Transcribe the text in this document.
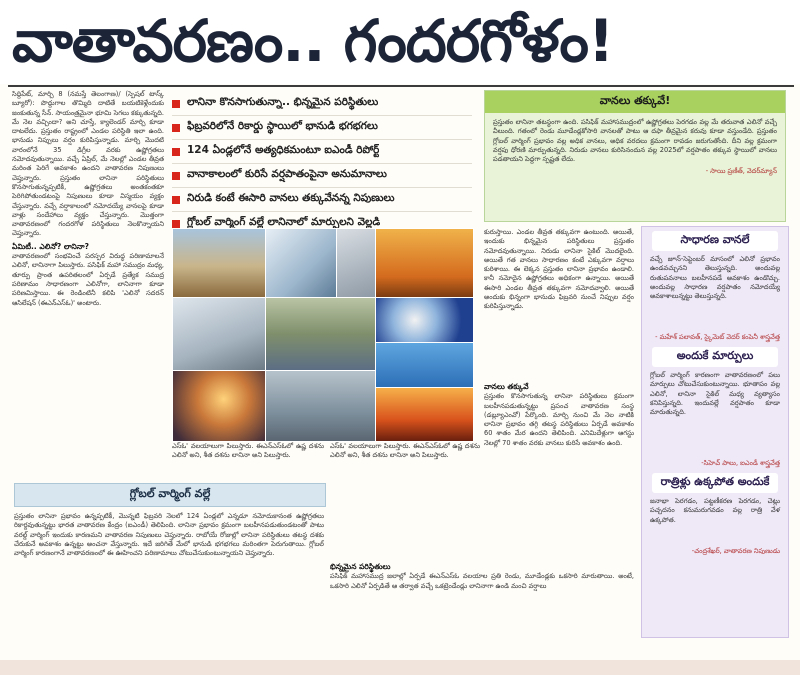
వాతావరణం.. గందరగోళం!

సిద్దిపేట్, మార్చి 8 (నమస్తే తెలంగాణ)/ (స్పెషల్ టాస్క్ బ్యూరో): పొద్దుగాల తొమ్మిది దాటితే బయటికెళ్లేందుకు జంకుతున్న సీన్. సాయంత్రమైనా భూమి సెగలు కక్కుతున్నది. మే నెల వచ్చిందా? అని చూస్తే, క్యాలెండర్ మార్చి కూడా దాటలేదు. ప్రస్తుతం రాష్ట్రంలో ఎండల పరిస్థితి ఇలా ఉంది. భానుడు నిప్పులు వర్షం కురిపిస్తున్నాడు. మార్చి మొదటి వారంలోనే 35 డిగ్రీల వరకు ఉష్ణోగ్రతలు నమోదవుతున్నాయి. వచ్చే ఏప్రిల్, మే నెలల్లో ఎండల తీవ్రత మరింత పెరిగే అవకాశం ఉందని వాతావరణ నిపుణులు చెప్తున్నారు. ప్రస్తుతం లానినా పరిస్థితులు కొనసాగుతున్నప్పటికీ, ఉష్ణోగ్రతలు అంతకంతకూ పెరిగిపోతుండటంపై నిపుణులు కూడా విస్మయం వ్యక్తం చేస్తున్నారు. వచ్చే వర్షాకాలంలో నమోదయ్యే వానలపై కూడా వాళ్లు సందేహాలు వ్యక్తం చేస్తున్నారు. మొత్తంగా వాతావరణంలో గందరగోళ పరిస్థితులు నెలకొన్నాయని చెప్తున్నారు.

ఏమిటీ.. ఎలినో? లానినా?

వాతావరణంలో సంభవించే పరస్పర విరుద్ధ పరిణామాలనే ఎలినో, లానినాగా పిలుస్తారు. పసిఫిక్ మహా సముద్రం మధ్య, తూర్పు ప్రాంత ఉపరితలంలో ఏర్పడే ప్రత్యేక సముద్ర పరిణామం సాధారణంగా ఎలినోగా, లానినాగా కూడా పరిణమిస్తాయి. ఈ రెండింటినీ కలిపి 'ఎలినో సదరన్ ఆసిలేషన్ (ఈఎన్ఎస్ఓ)' అంటారు.

లానినా కొనసాగుతున్నా.. భిన్నమైన పరిస్థితులు
ఫిబ్రవరిలోనే రికార్డు స్థాయిలో భానుడి భగభగలు
124 ఏండ్లలోనే అత్యధికమంటూ ఐఎండీ రిపోర్ట్
వానాకాలంలో కురిసే వర్షపాతంపైనా అనుమానాలు
నిరుడి కంటే ఈసారి వానలు తక్కువేనన్న నిపుణులు
గ్లోబల్ వార్మింగ్ వల్లే లానినాలో మార్పులని వెల్లడి

ఎస్ఓ' వలయాలుగా పిలుస్తారు. ఈఎన్ఎస్ఓలో ఉష్ణ దశను ఎలినో అని, శీత దశను లానినా అని పిలుస్తారు.

గ్లోబల్ వార్మింగ్ వల్లే

ప్రస్తుతం లానినా ప్రభావం ఉన్నప్పటికీ, మొన్నటి ఫిబ్రవరి నెలలో 124 ఏండ్లలో ఎన్నడూ నమోదుకానంత ఉష్ణోగ్రతలు రికార్డవుతున్నట్టు భారత వాతావరణ కేంద్రం (ఐఎండీ) తెలిపింది. లానినా ప్రభావం క్రమంగా బలహీనపడుతుండటంతో పాటు వరల్డ్ వార్మింగ్ ఇందుకు కారణమని వాతావరణ నిపుణులు చెప్తున్నారు. రాబోయే రోజుల్లో లానినా పరిస్థితులు తటస్థ దశకు చేరుకునే అవకాశం ఉన్నట్టు అంచనా వేస్తున్నారు. ఇదే జరిగితే మేలో భానుడి భగభగలు మరింతగా పెరుగుతాయి. గ్లోబల్ వార్మింగ్ కారణంగానే వాతావరణంలో ఈ ఊహించని పరిణామాలు చోటుచేసుకుంటున్నాయని చెప్తున్నారు.

కురుస్తాయి. ఎండల తీవ్రత తక్కువగా ఉంటుంది. అయితే, ఇందుకు భిన్నమైన పరిస్థితులు ప్రస్తుతం నమోదవుతున్నాయి. నిరుడు లానినా సైకిల్ మొదలైంది. అయితే గత వానలు సాధారణం కంటే ఎక్కువగా వర్షాలు కురిశాయి. ఈ లెక్కన ప్రస్తుతం లానినా ప్రభావం ఉండాలి. కానీ నమోదైన ఉష్ణోగ్రతలు అధికంగా ఉన్నాయి. అయితే ఈసారి ఎండల తీవ్రత తక్కువగా నమోదవ్వాలి. అయితే అందుకు భిన్నంగా భానుడు ఫిబ్రవరి నుంచే నిప్పుల వర్షం కురిపిస్తున్నాడు.

ఎస్ఓ' వలయాలుగా పిలుస్తారు. ఈఎన్ఎస్ఓలో ఉష్ణ దశను ఎలినో అని, శీత దశను లానినా అని పిలుస్తారు.

వానలు తక్కువే

ప్రస్తుతం కొనసాగుతున్న లానినా పరిస్థితులు క్రమంగా బలహీనపడుతున్నట్టు ప్రపంచ వాతావరణ సంస్థ (డబ్ల్యూఎంవో) పేర్కొంది. మార్చి నుంచి మే నెల నాటికి లానినా ప్రభావం తగ్గి తటస్థ పరిస్థితులు ఏర్పడే అవకాశం 60 శాతం మేర ఉందని తెలిపింది. ఎనిమిదేళ్లుగా ఆగస్టు నెలల్లో 70 శాతం వరకు వానలు కురిసే అవకాశం ఉంది.

భిన్నమైన పరిస్థితులు

పసిఫిక్ మహాసముద్ర జలాల్లో ఏర్పడే ఈఎన్ఎస్ఓ వలయాల ప్రతి రెండు, మూడేండ్లకు ఒకసారి మారుతాయి. అంటే, ఒకసారి ఎలినో ఏర్పడితే ఆ తర్వాత వచ్చే ఒకట్రెండేండ్లు లానినాగా ఉండి మంచి వర్షాలు

వానలు తక్కువే!

ప్రస్తుతం లానినా తటస్థంగా ఉంది. పసిఫిక్ మహాసముద్రంలో ఉష్ణోగ్రతలు పెరగడం వల్ల మే తరువాత ఎలినో వచ్చే వీలుంది. గతంలో రెండు మూడేండ్లకోసారి వానలతో పాటు ఆ దఫా తీవ్రమైన కరువు కూడా వస్తుండేది. ప్రస్తుతం గ్లోబల్ వార్మింగ్ ప్రభావం వల్ల అధిక వానలు, అధిక వరదలు క్రమంగా రావడం జరుగుతోంది. దీని వల్ల క్రమంగా వర్షపు ధోరణి మార్పుతున్నది. నిరుడు వానలు కురిసినందున వల్ల 2025లో వర్షపాతం తక్కువ స్థాయిలో వానలు పడతాయని పెద్దగా స్పష్టత లేదు.

- సాయి ప్రణీత్, వెదర్‌మ్యాన్
సాధారణ వానలే

వచ్చే జూన్-సెప్టెంబర్ మాసంలో ఎలినో ప్రభావం ఉండవచ్చునని తెలుస్తున్నది. అందువల్ల రుతుపవనాలు బలహీనపడే అవకాశం ఉండొచ్చు. అందువల్ల సాధారణ వర్షపాతం నమోదయ్యే అవకాశాలున్నట్టు తెలుస్తున్నది.

- మహేశ్ పలావత్, స్కైమెట్ వెదర్ కంపెనీ శాస్త్రవేత్త
అందుకే మార్పులు

గ్లోబల్ వార్మింగ్ కారణంగా వాతావరణంలో పలు మార్పులు చోటుచేసుకుంటున్నాయి. భూతాపం వల్ల ఎలినో, లానినా సైకిల్ మధ్య వ్యత్యాసం కనిపిస్తున్నది. ఇందువల్లే వర్షపాతం కూడా మారుతున్నది.

-సిహెచ్ పాలు, ఐఎండీ శాస్త్రవేత్త
రాత్రిళ్లు ఉక్కపోత అందుకే

జనాభా పెరగడం, పట్టణీకరణ పెరగడం, చెట్లు పచ్చదనం కనుమరుగవడం వల్ల రాత్రి వేళ ఉక్కపోత.

-చంద్రశేఖర్, వాతావరణ నిపుణుడు
